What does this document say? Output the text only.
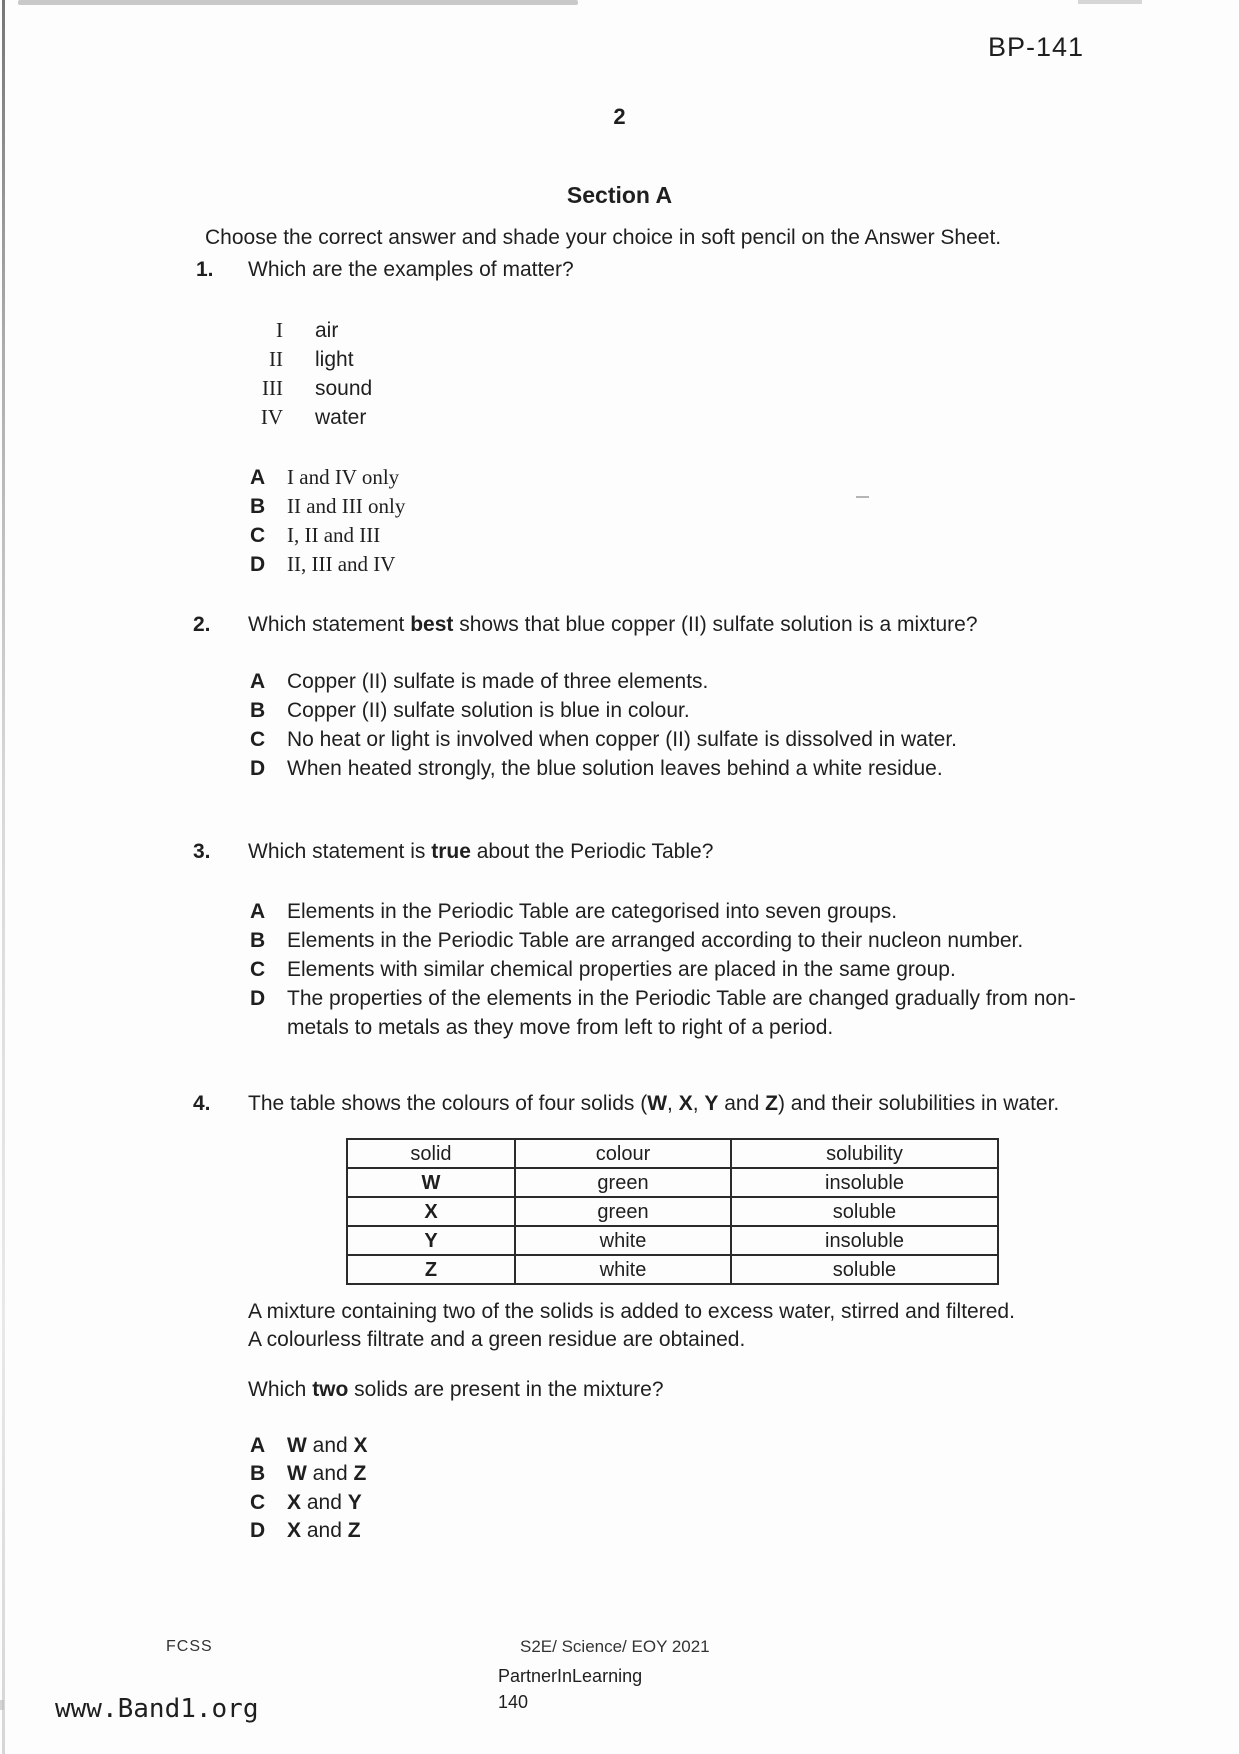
BP-141
2
Section A
Choose the correct answer and shade your choice in soft pencil on the Answer Sheet.
1. Which are the examples of matter?
I air
II light
III sound
IV water
A I and IV only
B II and III only
C I, II and III
D II, III and IV
2. Which statement best shows that blue copper (II) sulfate solution is a mixture?
A Copper (II) sulfate is made of three elements.
B Copper (II) sulfate solution is blue in colour.
C No heat or light is involved when copper (II) sulfate is dissolved in water.
D When heated strongly, the blue solution leaves behind a white residue.
3. Which statement is true about the Periodic Table?
A Elements in the Periodic Table are categorised into seven groups.
B Elements in the Periodic Table are arranged according to their nucleon number.
C Elements with similar chemical properties are placed in the same group.
D The properties of the elements in the Periodic Table are changed gradually from non-
metals to metals as they move from left to right of a period.
4. The table shows the colours of four solids (W, X, Y and Z) and their solubilities in water.
solid	colour	solubility
W	green	insoluble
X	green	soluble
Y	white	insoluble
Z	white	soluble
A mixture containing two of the solids is added to excess water, stirred and filtered.
A colourless filtrate and a green residue are obtained.
Which two solids are present in the mixture?
A W and X
B W and Z
C X and Y
D X and Z
FCSS	S2E/ Science/ EOY 2021
PartnerInLearning
140
www.Band1.org
